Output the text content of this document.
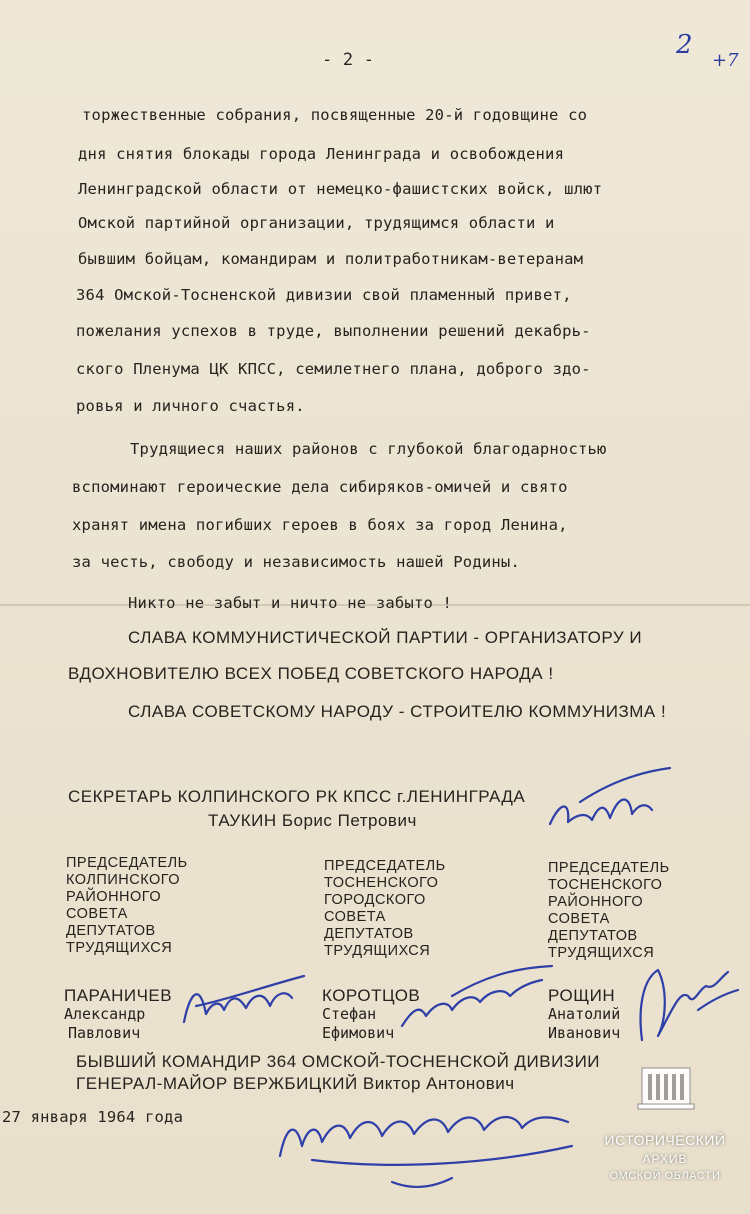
- 2 -	2
+7
торжественные собрания, посвященные 20-й годовщине со
дня снятия блокады города Ленинграда и освобождения
Ленинградской области от немецко-фашистских войск, шлют
Омской партийной организации, трудящимся области и
бывшим бойцам, командирам и политработникам-ветеранам
364 Омской-Тосненской дивизии свой пламенный привет,
пожелания успехов в труде, выполнении решений декабрь-
ского Пленума ЦК КПСС, семилетнего плана, доброго здо-
ровья и личного счастья.
Трудящиеся наших районов с глубокой благодарностью
вспоминают героические дела сибиряков-омичей и свято
хранят имена погибших героев в боях за город Ленина,
за честь, свободу и независимость нашей Родины.
Никто не забыт и ничто не забыто !
СЛАВА КОММУНИСТИЧЕСКОЙ ПАРТИИ - ОРГАНИЗАТОРУ И
ВДОХНОВИТЕЛЮ ВСЕХ ПОБЕД СОВЕТСКОГО НАРОДА !
СЛАВА СОВЕТСКОМУ НАРОДУ - СТРОИТЕЛЮ КОММУНИЗМА !
СЕКРЕТАРЬ КОЛПИНСКОГО РК КПСС г.ЛЕНИНГРАДА
ТАУКИН Борис Петрович
ПРЕДСЕДАТЕЛЬ
КОЛПИНСКОГО
РАЙОННОГО
СОВЕТА
ДЕПУТАТОВ
ТРУДЯЩИХСЯ
ПРЕДСЕДАТЕЛЬ
ТОСНЕНСКОГО
ГОРОДСКОГО
СОВЕТА
ДЕПУТАТОВ
ТРУДЯЩИХСЯ
ПРЕДСЕДАТЕЛЬ
ТОСНЕНСКОГО
РАЙОННОГО
СОВЕТА
ДЕПУТАТОВ
ТРУДЯЩИХСЯ
ПАРАНИЧЕВ
Александр
Павлович
КОРОТЦОВ
Стефан
Ефимович
РОЩИН
Анатолий
Иванович
БЫВШИЙ КОМАНДИР 364 ОМСКОЙ-ТОСНЕНСКОЙ ДИВИЗИИ
ГЕНЕРАЛ-МАЙОР ВЕРЖБИЦКИЙ Виктор Антонович
27 января 1964 года
ИСТОРИЧЕСКИЙ
АРХИВ
ОМСКОЙ ОБЛАСТИ
